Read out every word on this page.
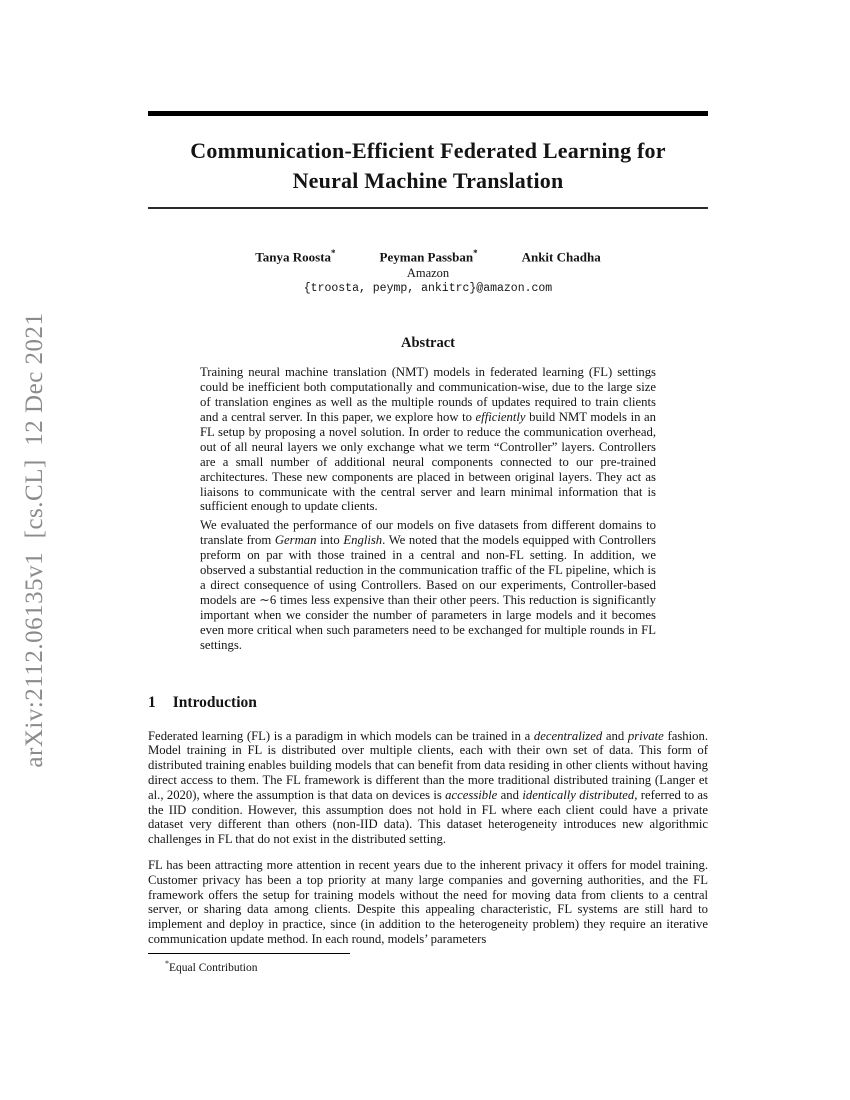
arXiv:2112.06135v1  [cs.CL]  12 Dec 2021
Communication-Efficient Federated Learning for
Neural Machine Translation
Tanya Roosta*	Peyman Passban*	Ankit Chadha
Amazon
{troosta, peymp, ankitrc}@amazon.com
Abstract

Training neural machine translation (NMT) models in federated learning (FL) settings could be inefficient both computationally and communication-wise, due to the large size of translation engines as well as the multiple rounds of updates required to train clients and a central server. In this paper, we explore how to efficiently build NMT models in an FL setup by proposing a novel solution. In order to reduce the communication overhead, out of all neural layers we only exchange what we term “Controller” layers. Controllers are a small number of additional neural components connected to our pre-trained architectures. These new components are placed in between original layers. They act as liaisons to communicate with the central server and learn minimal information that is sufficient enough to update clients.

We evaluated the performance of our models on five datasets from different domains to translate from German into English. We noted that the models equipped with Controllers preform on par with those trained in a central and non-FL setting. In addition, we observed a substantial reduction in the communication traffic of the FL pipeline, which is a direct consequence of using Controllers. Based on our experiments, Controller-based models are ∼6 times less expensive than their other peers. This reduction is significantly important when we consider the number of parameters in large models and it becomes even more critical when such parameters need to be exchanged for multiple rounds in FL settings.

1 Introduction

Federated learning (FL) is a paradigm in which models can be trained in a decentralized and private fashion. Model training in FL is distributed over multiple clients, each with their own set of data. This form of distributed training enables building models that can benefit from data residing in other clients without having direct access to them. The FL framework is different than the more traditional distributed training (Langer et al., 2020), where the assumption is that data on devices is accessible and identically distributed, referred to as the IID condition. However, this assumption does not hold in FL where each client could have a private dataset very different than others (non-IID data). This dataset heterogeneity introduces new algorithmic challenges in FL that do not exist in the distributed setting.

FL has been attracting more attention in recent years due to the inherent privacy it offers for model training. Customer privacy has been a top priority at many large companies and governing authorities, and the FL framework offers the setup for training models without the need for moving data from clients to a central server, or sharing data among clients. Despite this appealing characteristic, FL systems are still hard to implement and deploy in practice, since (in addition to the heterogeneity problem) they require an iterative communication update method. In each round, models’ parameters

*Equal Contribution
